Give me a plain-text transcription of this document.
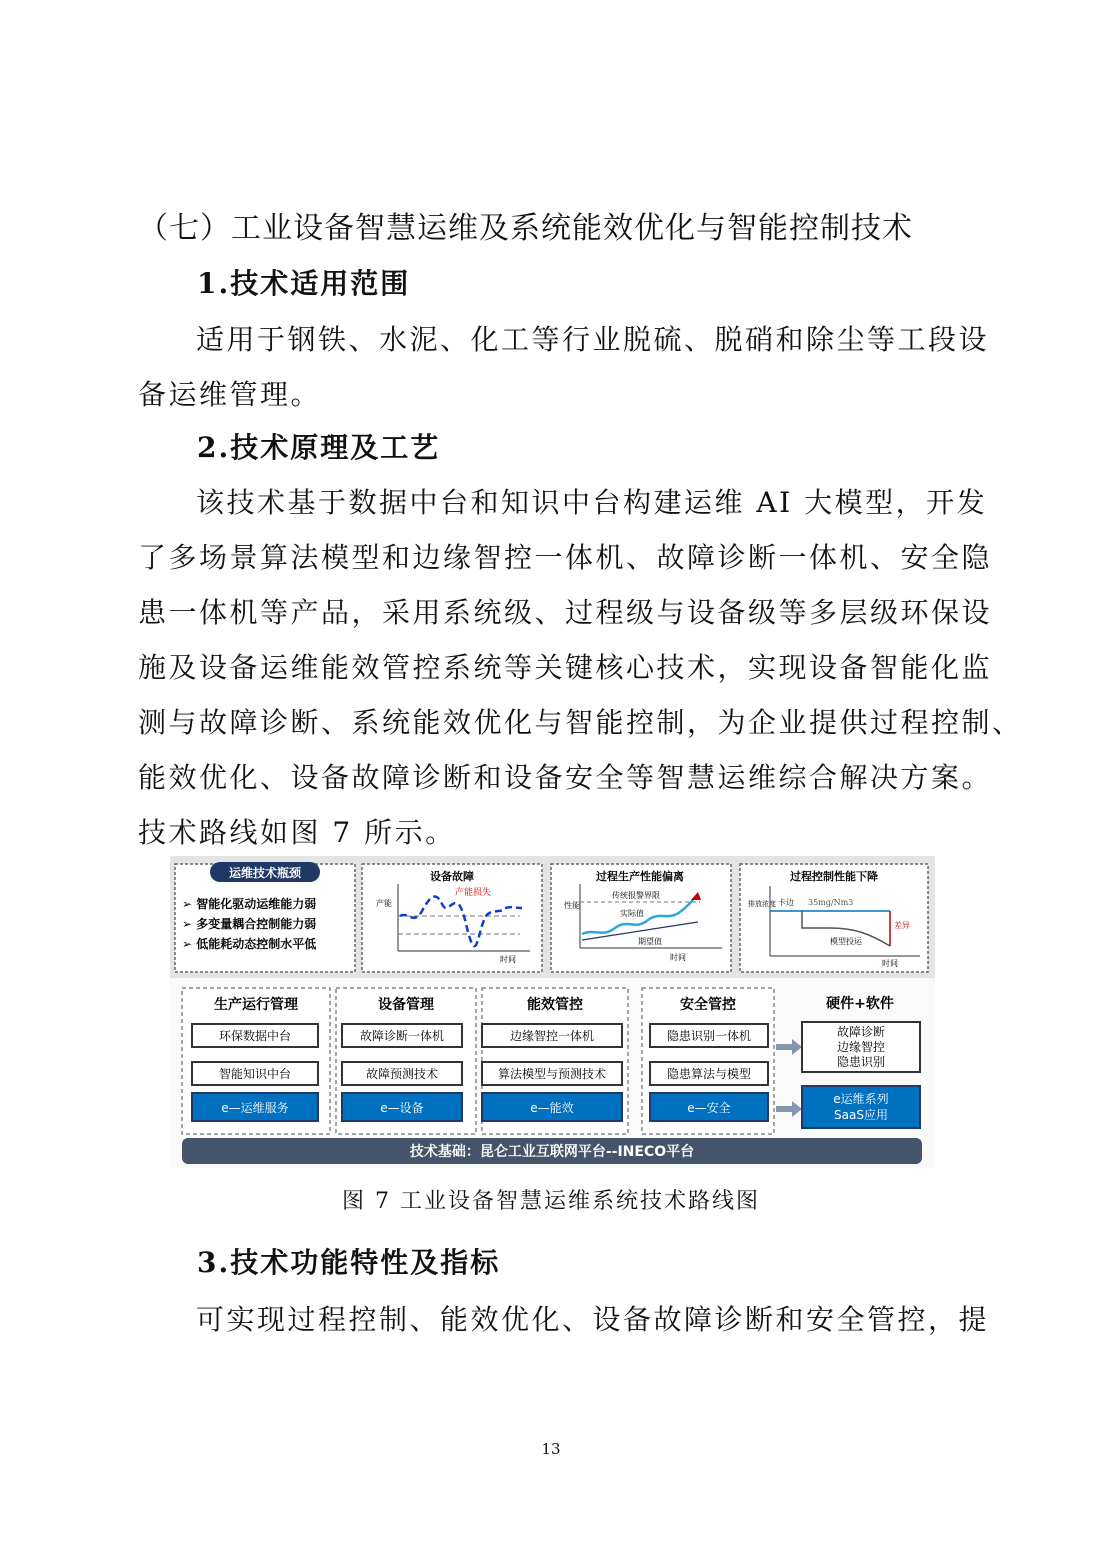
（七）工业设备智慧运维及系统能效优化与智能控制技术
1.技术适用范围
适用于钢铁、水泥、化工等行业脱硫、脱硝和除尘等工段设
备运维管理。
2.技术原理及工艺
该技术基于数据中台和知识中台构建运维 AI 大模型，开发
了多场景算法模型和边缘智控一体机、故障诊断一体机、安全隐
患一体机等产品，采用系统级、过程级与设备级等多层级环保设
施及设备运维能效管控系统等关键核心技术，实现设备智能化监
测与故障诊断、系统能效优化与智能控制，为企业提供过程控制、
能效优化、设备故障诊断和设备安全等智慧运维综合解决方案。
技术路线如图 7 所示。
运维技术瓶颈
➢ 智能化驱动运维能力弱
➢ 多变量耦合控制能力弱
➢ 低能耗动态控制水平低
设备故障
产能
产能损失
时间
过程生产性能偏离
性能
传统报警界限
实际值
期望值
时间
过程控制性能下降
排放浓度 卡边 35mg/Nm3
差异
模型投运
时间
生产运行管理
环保数据中台
智能知识中台
e—运维服务
设备管理
故障诊断一体机
故障预测技术
e—设备
能效管控
边缘智控一体机
算法模型与预测技术
e—能效
安全管控
隐患识别一体机
隐患算法与模型
e—安全
硬件+软件
故障诊断
边缘智控
隐患识别
e运维系列
SaaS应用
技术基础：昆仑工业互联网平台--INECO平台
图 7 工业设备智慧运维系统技术路线图
3.技术功能特性及指标
可实现过程控制、能效优化、设备故障诊断和安全管控，提
13
